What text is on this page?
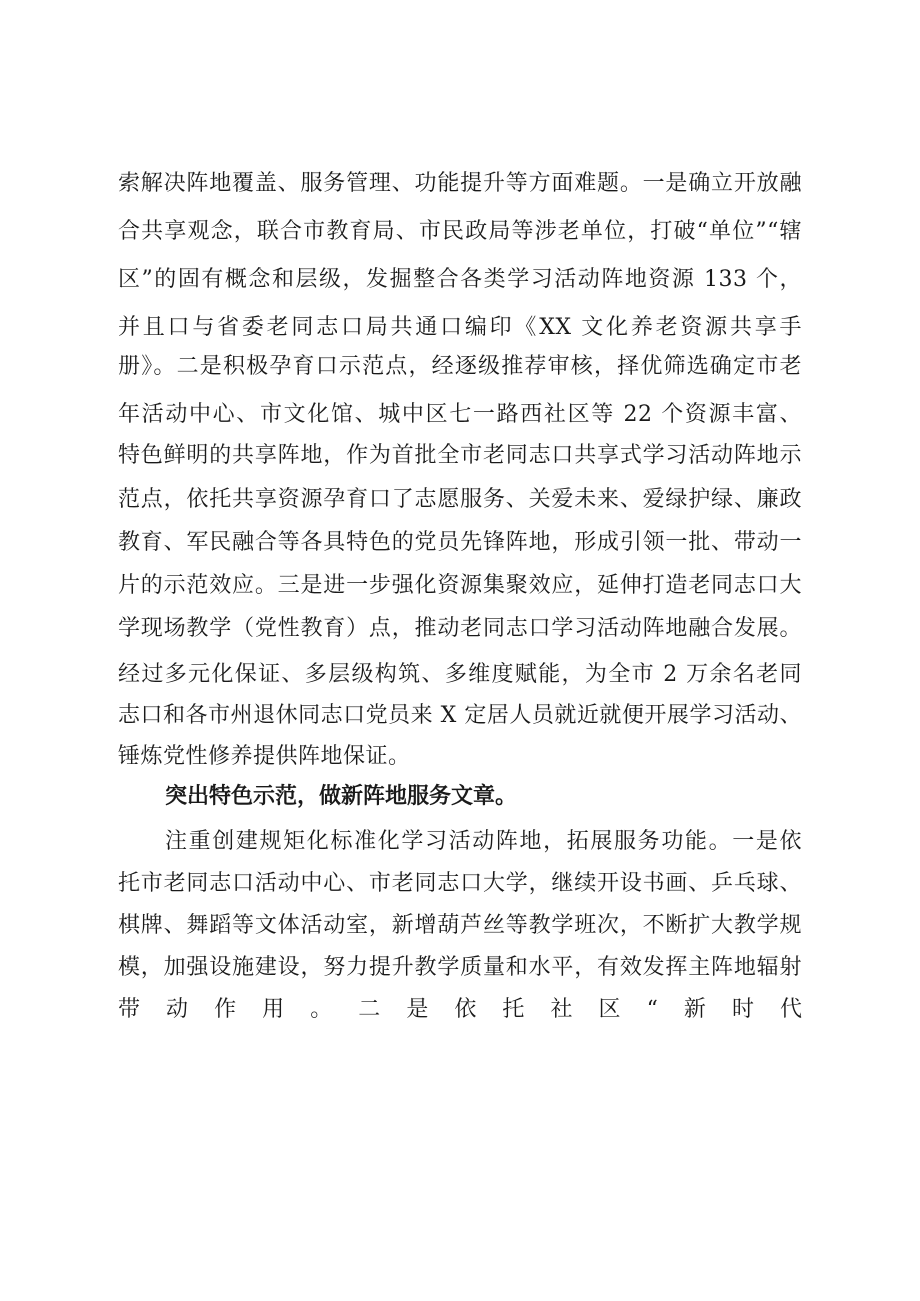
索解决阵地覆盖、服务管理、功能提升等方面难题。一是确立开放融
合共享观念，联合市教育局、市民政局等涉老单位，打破“单位”“辖
区”的固有概念和层级，发掘整合各类学习活动阵地资源 133 个，
并且口与省委老同志口局共通口编印《XX 文化养老资源共享手
册》。二是积极孕育口示范点，经逐级推荐审核，择优筛选确定市老
年活动中心、市文化馆、城中区七一路西社区等 22 个资源丰富、
特色鲜明的共享阵地，作为首批全市老同志口共享式学习活动阵地示
范点，依托共享资源孕育口了志愿服务、关爱未来、爱绿护绿、廉政
教育、军民融合等各具特色的党员先锋阵地，形成引领一批、带动一
片的示范效应。三是进一步强化资源集聚效应，延伸打造老同志口大
学现场教学（党性教育）点，推动老同志口学习活动阵地融合发展。
经过多元化保证、多层级构筑、多维度赋能，为全市 2 万余名老同
志口和各市州退休同志口党员来 X 定居人员就近就便开展学习活动、
锤炼党性修养提供阵地保证。
突出特色示范，做新阵地服务文章。
注重创建规矩化标准化学习活动阵地，拓展服务功能。一是依
托市老同志口活动中心、市老同志口大学，继续开设书画、乒乓球、
棋牌、舞蹈等文体活动室，新增葫芦丝等教学班次，不断扩大教学规
模，加强设施建设，努力提升教学质量和水平，有效发挥主阵地辐射
带动作用。二是依托社区“新时代
